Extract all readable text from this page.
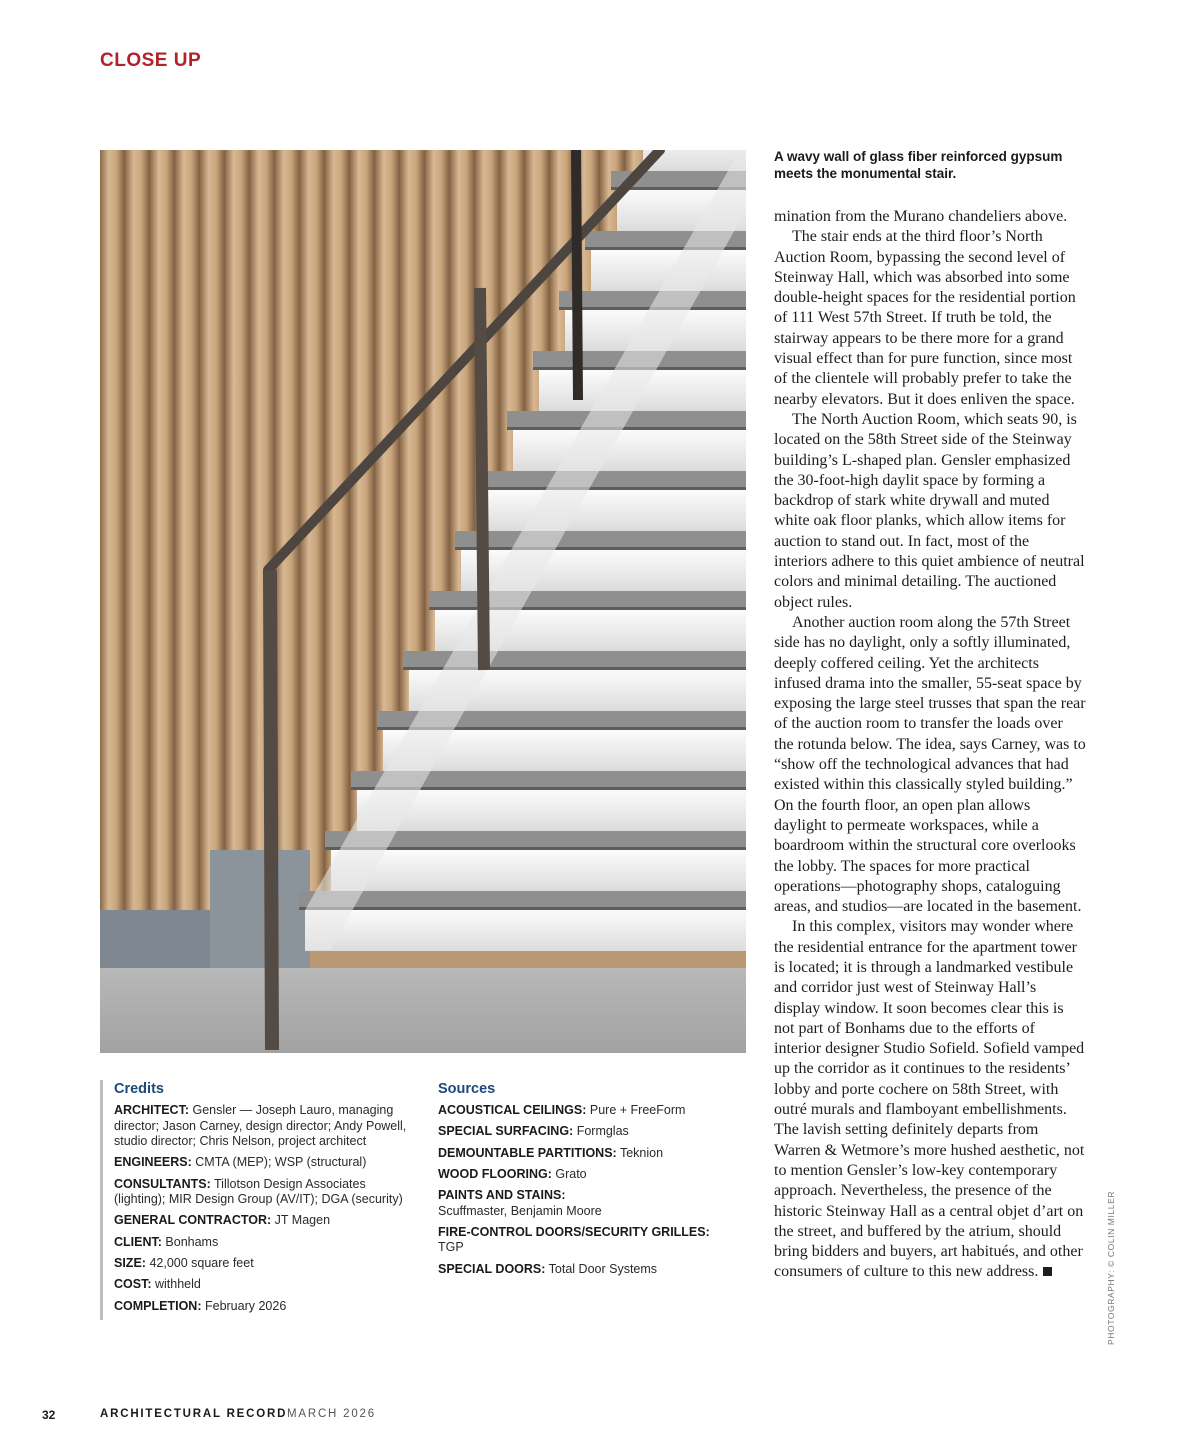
CLOSE UP
A wavy wall of glass fiber reinforced gypsum meets the monumental stair.

mination from the Murano chandeliers above.

The stair ends at the third floor’s North Auction Room, bypassing the second level of Steinway Hall, which was absorbed into some double-height spaces for the residential portion of 111 West 57th Street. If truth be told, the stairway appears to be there more for a grand visual effect than for pure function, since most of the clientele will probably prefer to take the nearby elevators. But it does enliven the space.

The North Auction Room, which seats 90, is located on the 58th Street side of the Steinway building’s L-shaped plan. Gensler emphasized the 30-foot-high daylit space by forming a backdrop of stark white drywall and muted white oak floor planks, which allow items for auction to stand out. In fact, most of the interiors adhere to this quiet ambience of neutral colors and minimal detailing. The auctioned object rules.

Another auction room along the 57th Street side has no daylight, only a softly illuminated, deeply coffered ceiling. Yet the architects infused drama into the smaller, 55-seat space by exposing the large steel trusses that span the rear of the auction room to transfer the loads over the rotunda below. The idea, says Carney, was to “show off the technological advances that had existed within this classically styled building.” On the fourth floor, an open plan allows daylight to permeate workspaces, while a boardroom within the structural core overlooks the lobby. The spaces for more practical operations—photography shops, cataloguing areas, and studios—are located in the basement.

In this complex, visitors may wonder where the residential entrance for the apartment tower is located; it is through a landmarked vestibule and corridor just west of Steinway Hall’s display window. It soon becomes clear this is not part of Bonhams due to the efforts of interior designer Studio Sofield. Sofield vamped up the corridor as it continues to the residents’ lobby and porte cochere on 58th Street, with outré murals and flamboyant embellishments. The lavish setting definitely departs from Warren & Wetmore’s more hushed aesthetic, not to mention Gensler’s low-key contemporary approach. Nevertheless, the presence of the historic Steinway Hall as a central objet d’art on the street, and buffered by the atrium, should bring bidders and buyers, art habitués, and other consumers of culture to this new address.

Credits
ARCHITECT: Gensler — Joseph Lauro, managing director; Jason Carney, design director; Andy Powell, studio director; Chris Nelson, project architect
ENGINEERS: CMTA (MEP); WSP (structural)
CONSULTANTS: Tillotson Design Associates (lighting); MIR Design Group (AV/IT); DGA (security)
GENERAL CONTRACTOR: JT Magen
CLIENT: Bonhams
SIZE: 42,000 square feet
COST: withheld
COMPLETION: February 2026
Sources
ACOUSTICAL CEILINGS: Pure + FreeForm
SPECIAL SURFACING: Formglas
DEMOUNTABLE PARTITIONS: Teknion
WOOD FLOORING: Grato
PAINTS AND STAINS:
Scuffmaster, Benjamin Moore
FIRE-CONTROL DOORS/SECURITY GRILLES:
TGP
SPECIAL DOORS: Total Door Systems	PHOTOGRAPHY: © COLIN MILLER
32	ARCHITECTURAL RECORD MARCH 2026
